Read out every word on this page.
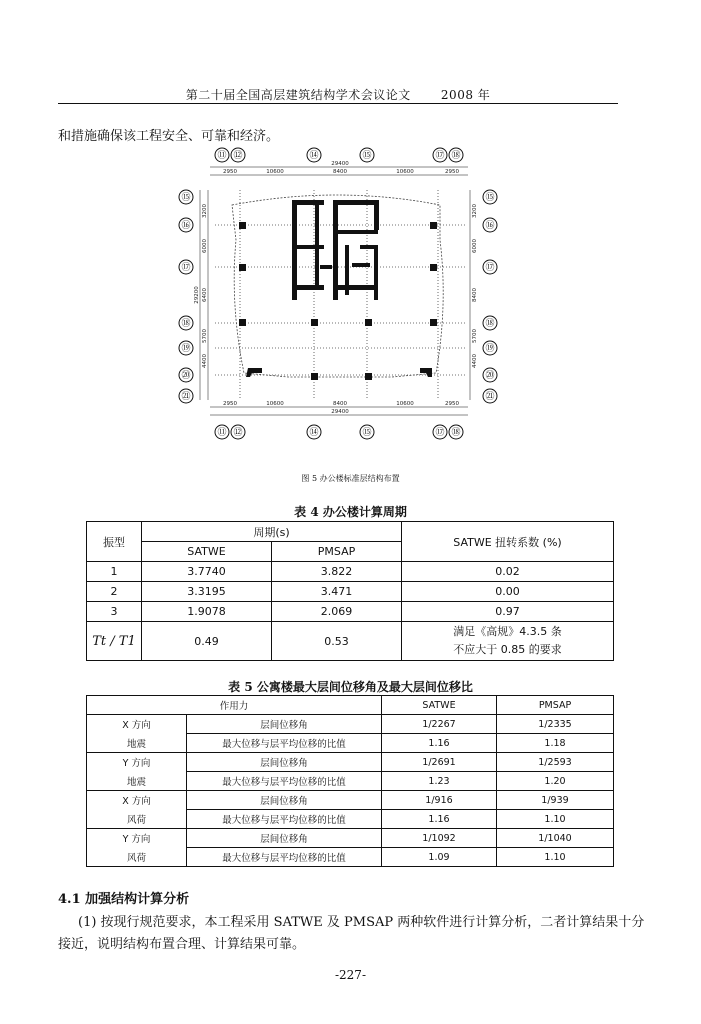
第二十届全国高层建筑结构学术会议论文	2008 年
和措施确保该工程安全、可靠和经济。
⑪ ⑫	⑭	⑮	⑰ ⑱
29400
2950	10600	8400	10600	2950
⑮
⑯
⑰
⑱
⑲
⑳
㉑
⑮
⑯
⑰
⑱
⑲
⑳
㉑
3200
6000
29200 6400
5700
4400
3200
6000
8400
5700
4400
2950	10600	8400	10600	2950
29400
⑪ ⑫	⑭	⑮	⑰ ⑱
图 5 办公楼标准层结构布置
表 4 办公楼计算周期
振型	周期(s)		SATWE 扭转系数 (%)
	SATWE	PMSAP	
1	3.7740	3.822	0.02
2	3.3195	3.471	0.00
3	1.9078	2.069	0.97
Tt / T1	0.49	0.53	满足《高规》4.3.5 条
不应大于 0.85 的要求
表 5 公寓楼最大层间位移角及最大层间位移比
作用力		SATWE	PMSAP
X 方向	层间位移角	1/2267	1/2335
地震	最大位移与层平均位移的比值	1.16	1.18
Y 方向	层间位移角	1/2691	1/2593
地震	最大位移与层平均位移的比值	1.23	1.20
X 方向	层间位移角	1/916	1/939
风荷	最大位移与层平均位移的比值	1.16	1.10
Y 方向	层间位移角	1/1092	1/1040
风荷	最大位移与层平均位移的比值	1.09	1.10
4.1 加强结构计算分析
(1) 按现行规范要求，本工程采用 SATWE 及 PMSAP 两种软件进行计算分析，二者计算结果十分
接近，说明结构布置合理、计算结果可靠。
-227-
